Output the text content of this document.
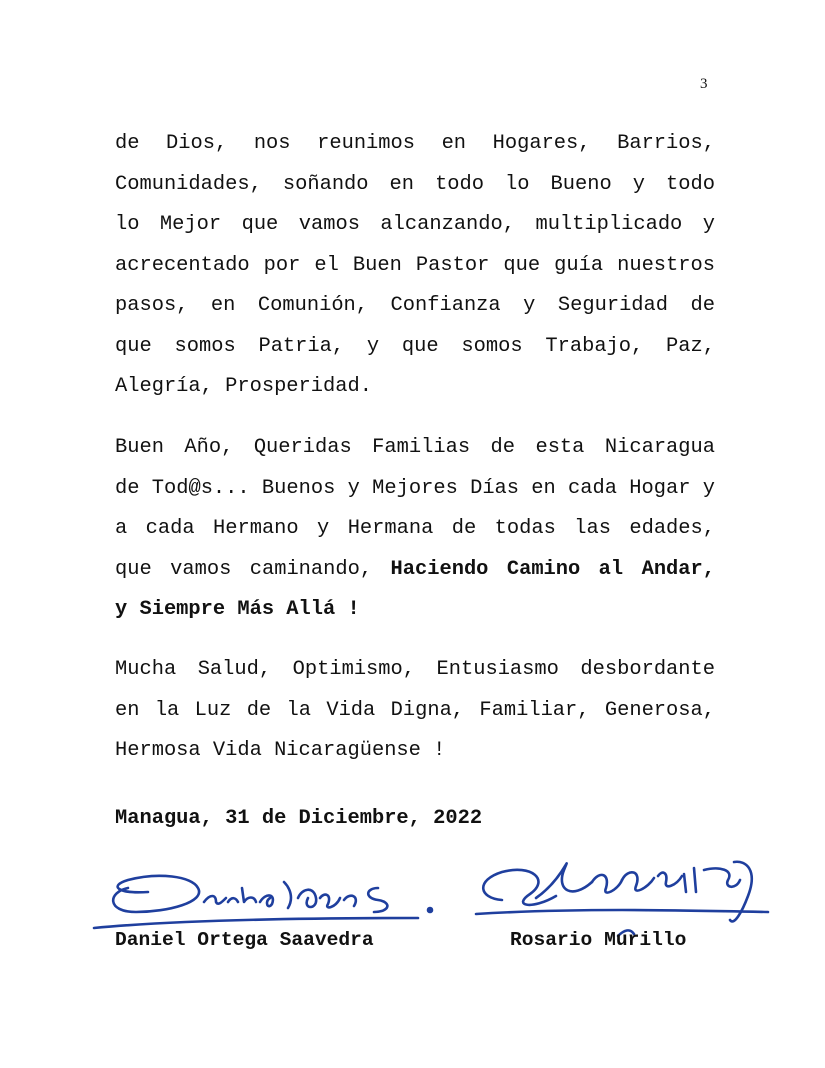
3
de Dios, nos reunimos en Hogares, Barrios,
Comunidades, soñando en todo lo Bueno y todo
lo Mejor que vamos alcanzando, multiplicado y
acrecentado por el Buen Pastor que guía nuestros
pasos, en Comunión, Confianza y Seguridad de
que somos Patria, y que somos Trabajo, Paz,
Alegría, Prosperidad.
Buen Año, Queridas Familias de esta Nicaragua
de Tod@s... Buenos y Mejores Días en cada Hogar y
a cada Hermano y Hermana de todas las edades,
que vamos caminando, Haciendo Camino al Andar,
y Siempre Más Allá !
Mucha Salud, Optimismo, Entusiasmo desbordante
en la Luz de la Vida Digna, Familiar, Generosa,
Hermosa Vida Nicaragüense !
Managua, 31 de Diciembre, 2022
Daniel Ortega Saavedra	Rosario Murillo
